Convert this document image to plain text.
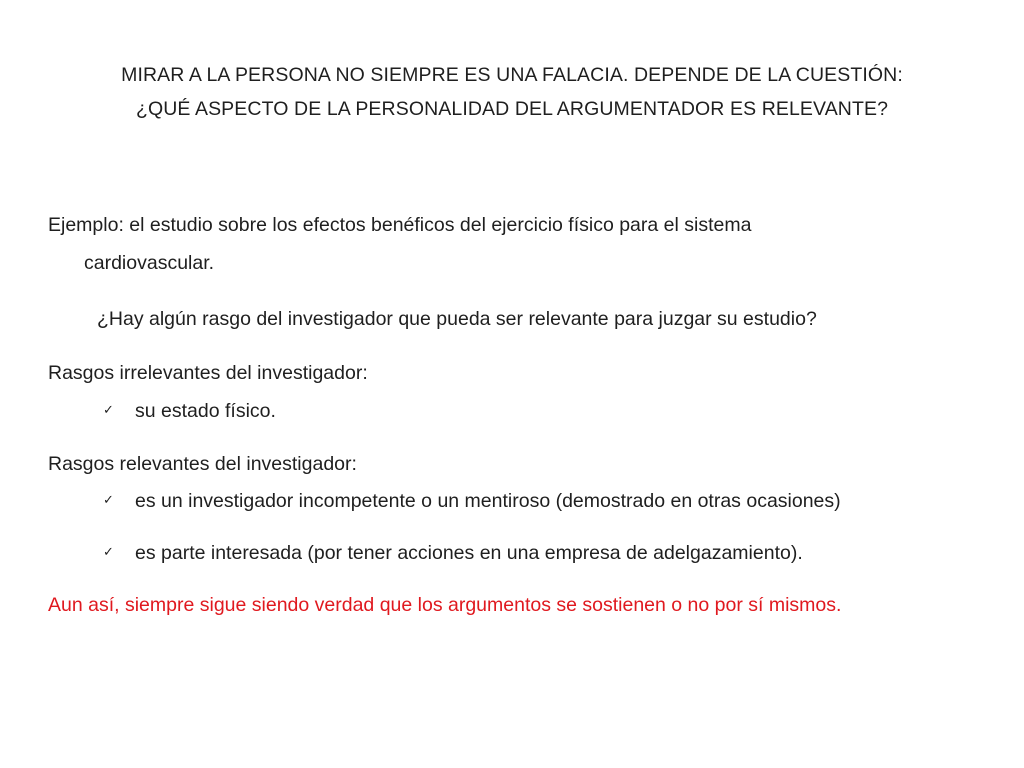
MIRAR A LA PERSONA NO SIEMPRE ES UNA FALACIA. DEPENDE DE LA CUESTIÓN:
¿QUÉ ASPECTO DE LA PERSONALIDAD DEL ARGUMENTADOR ES RELEVANTE?
Ejemplo: el estudio sobre los efectos benéficos del ejercicio físico para el sistema
cardiovascular.
¿Hay algún rasgo del investigador que pueda ser relevante para juzgar su estudio?
Rasgos irrelevantes del investigador:
✓ su estado físico.
Rasgos relevantes del investigador:
✓ es un investigador incompetente o un mentiroso (demostrado en otras ocasiones)
✓ es parte interesada (por tener acciones en una empresa de adelgazamiento).
Aun así, siempre sigue siendo verdad que los argumentos se sostienen o no por sí mismos.
